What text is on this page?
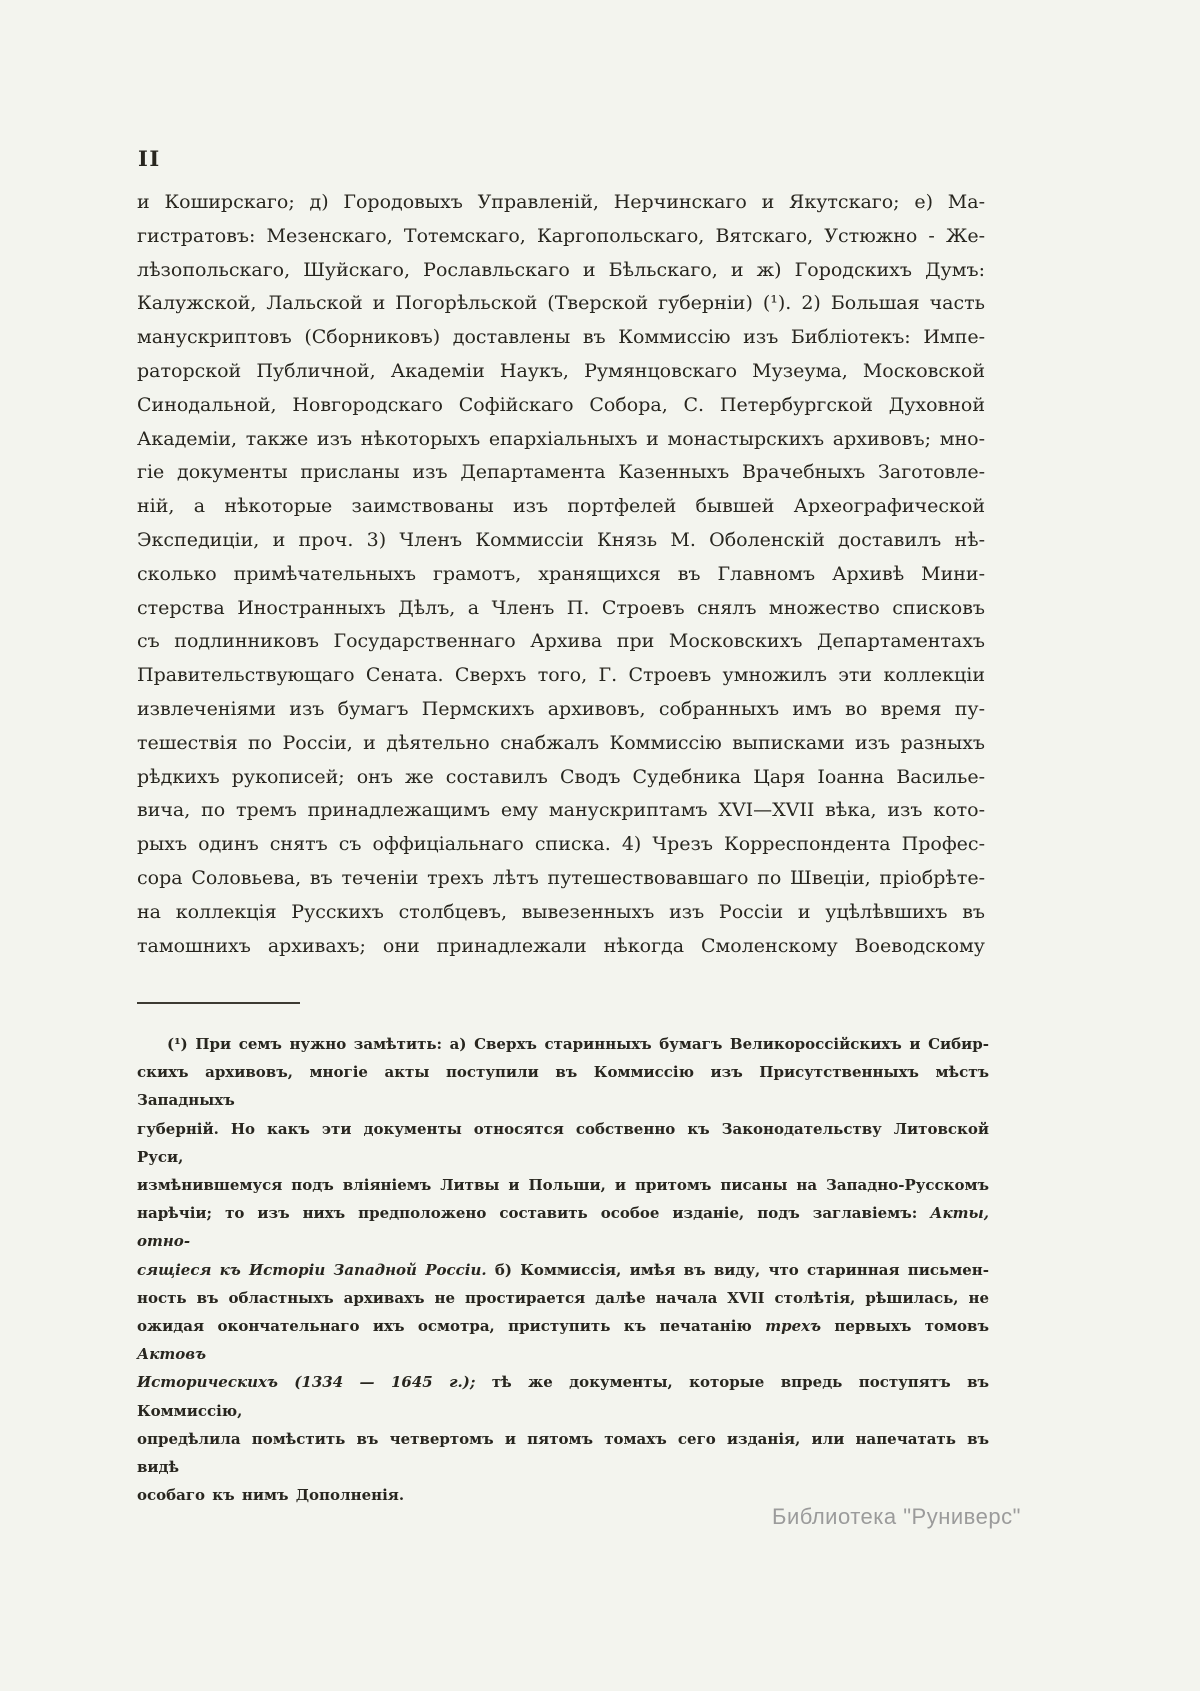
II
и Коширскаго; д) Городовыхъ Управленій, Нерчинскаго и Якутскаго; е) Ма-
гистратовъ: Мезенскаго, Тотемскаго, Каргопольскаго, Вятскаго, Устюжно - Же-
лѣзопольскаго, Шуйскаго, Рославльскаго и Бѣльскаго, и ж) Городскихъ Думъ:
Калужской, Лальской и Погорѣльской (Тверской губерніи) (¹). 2) Большая часть
манускриптовъ (Сборниковъ) доставлены въ Коммиссію изъ Библіотекъ: Импе-
раторской Публичной, Академіи Наукъ, Румянцовскаго Музеума, Московской
Синодальной, Новгородскаго Софійскаго Собора, С. Петербургской Духовной
Академіи, также изъ нѣкоторыхъ епархіальныхъ и монастырскихъ архивовъ; мно-
гіе документы присланы изъ Департамента Казенныхъ Врачебныхъ Заготовле-
ній, а нѣкоторые заимствованы изъ портфелей бывшей Археографической
Экспедиціи, и проч. 3) Членъ Коммиссіи Князь М. Оболенскій доставилъ нѣ-
сколько примѣчательныхъ грамотъ, хранящихся въ Главномъ Архивѣ Мини-
стерства Иностранныхъ Дѣлъ, а Членъ П. Строевъ снялъ множество списковъ
съ подлинниковъ Государственнаго Архива при Московскихъ Департаментахъ
Правительствующаго Сената. Сверхъ того, Г. Строевъ умножилъ эти коллекціи
извлеченіями изъ бумагъ Пермскихъ архивовъ, собранныхъ имъ во время пу-
тешествія по Россіи, и дѣятельно снабжалъ Коммиссію выписками изъ разныхъ
рѣдкихъ рукописей; онъ же составилъ Сводъ Судебника Царя Іоанна Василье-
вича, по тремъ принадлежащимъ ему манускриптамъ XVI—XVII вѣка, изъ кото-
рыхъ одинъ снятъ съ оффиціальнаго списка. 4) Чрезъ Корреспондента Профес-
сора Соловьева, въ теченіи трехъ лѣтъ путешествовавшаго по Швеціи, пріобрѣте-
на коллекція Русскихъ столбцевъ, вывезенныхъ изъ Россіи и уцѣлѣвшихъ въ
тамошнихъ архивахъ; они принадлежали нѣкогда Смоленскому Воеводскому
(¹) При семъ нужно замѣтить: а) Сверхъ старинныхъ бумагъ Великороссійскихъ и Сибир-
скихъ архивовъ, многіе акты поступили въ Коммиссію изъ Присутственныхъ мѣстъ Западныхъ
губерній. Но какъ эти документы относятся собственно къ Законодательству Литовской Руси,
измѣнившемуся подъ вліяніемъ Литвы и Польши, и притомъ писаны на Западно-Русскомъ
нарѣчіи; то изъ нихъ предположено составить особое изданіе, подъ заглавіемъ: Акты, отно-
сящіеся къ Исторіи Западной Россіи. б) Коммиссія, имѣя въ виду, что старинная письмен-
ность въ областныхъ архивахъ не простирается далѣе начала XVII столѣтія, рѣшилась, не
ожидая окончательнаго ихъ осмотра, приступить къ печатанію трехъ первыхъ томовъ Актовъ
Историческихъ (1334 — 1645 г.); тѣ же документы, которые впредь поступятъ въ Коммиссію,
опредѣлила помѣстить въ четвертомъ и пятомъ томахъ сего изданія, или напечатать въ видѣ
особаго къ нимъ Дополненія.
Библиотека "Руниверс"
